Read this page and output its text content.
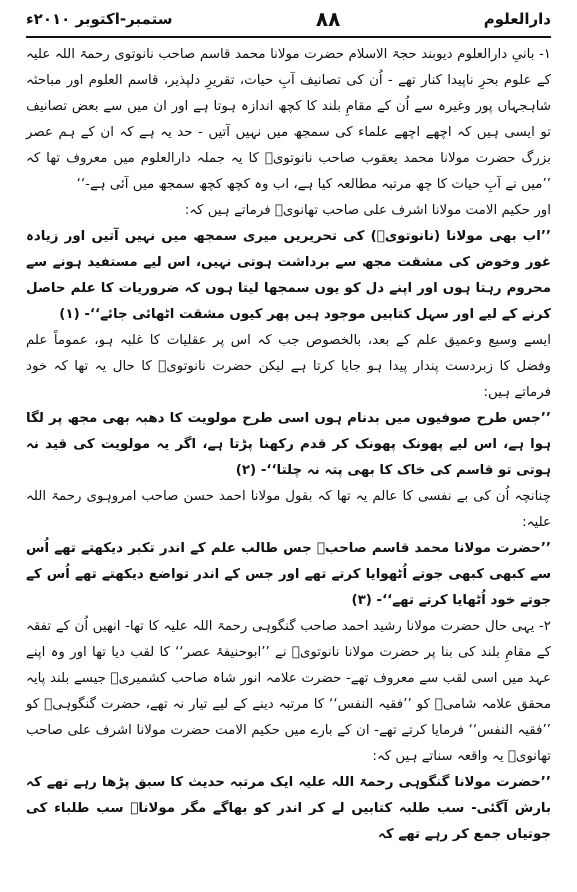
دارالعلوم
۸۸
ستمبر-اکتوبر ۲۰۱۰ء

١- بانیِ دارالعلوم دیوبند حجۃ الاسلام حضرت مولانا محمد قاسم صاحب نانوتوی رحمۃ اللہ علیہ کے علوم بحرِ ناپیدا کنار تھے - اُن کی تصانیف آبِ حیات، تقریرِ دلپذیر، قاسم العلوم اور مباحثہ شاہجہاں پور وغیرہ سے اُن کے مقامِ بلند کا کچھ اندازہ ہوتا ہے اور ان میں سے بعض تصانیف تو ایسی ہیں کہ اچھے اچھے علماء کی سمجھ میں نہیں آتیں - حد یہ ہے کہ ان کے ہم عصر بزرگ حضرت مولانا محمد یعقوب صاحب نانوتویؒ کا یہ جملہ دارالعلوم میں معروف تھا کہ ’’میں نے آبِ حیات کا چھ مرتبہ مطالعہ کیا ہے، اب وہ کچھ کچھ سمجھ میں آئی ہے-‘‘

اور حکیم الامت مولانا اشرف علی صاحب تھانویؒ فرماتے ہیں کہ:

’’اب بھی مولانا (نانوتویؒ) کی تحریریں میری سمجھ میں نہیں آتیں اور زیادہ غور وخوض کی مشقت مجھ سے برداشت ہوتی نہیں، اس لیے مستفید ہونے سے محروم رہتا ہوں اور اپنے دل کو یوں سمجھا لیتا ہوں کہ ضروریات کا علم حاصل کرنے کے لیے اور سہل کتابیں موجود ہیں پھر کیوں مشقت اٹھائی جائے‘‘- (١)

ایسے وسیع وعمیق علم کے بعد، بالخصوص جب کہ اس پر عقلیات کا غلبہ ہو، عموماً علم وفضل کا زبردست پندار پیدا ہو جایا کرتا ہے لیکن حضرت نانوتویؒ کا حال یہ تھا کہ خود فرماتے ہیں:

’’جس طرح صوفیوں میں بدنام ہوں اسی طرح مولویت کا دھبہ بھی مجھ پر لگا ہوا ہے، اس لیے پھونک پھونک کر قدم رکھنا پڑتا ہے، اگر یہ مولویت کی قید نہ ہوتی تو قاسم کی خاک کا بھی پتہ نہ چلتا‘‘- (٢)

چنانچہ اُن کی بے نفسی کا عالم یہ تھا کہ بقول مولانا احمد حسن صاحب امروہوی رحمۃ اللہ علیہ:

’’حضرت مولانا محمد قاسم صاحبؒ جس طالب علم کے اندر تکبر دیکھتے تھے اُس سے کبھی کبھی جوتے اُٹھوایا کرتے تھے اور جس کے اندر تواضع دیکھتے تھے اُس کے جوتے خود اُٹھایا کرتے تھے‘‘- (٣)

٢- یہی حال حضرت مولانا رشید احمد صاحب گنگوہی رحمۃ اللہ علیہ کا تھا- انھیں اُن کے تفقہ کے مقامِ بلند کی بنا پر حضرت مولانا نانوتویؒ نے ’’ابوحنیفۂ عصر‘‘ کا لقب دیا تھا اور وہ اپنے عہد میں اسی لقب سے معروف تھے- حضرت علامہ انور شاہ صاحب کشمیریؒ جیسے بلند پایہ محقق علامہ شامیؒ کو ’’فقیہ النفس‘‘ کا مرتبہ دینے کے لیے تیار نہ تھے، حضرت گنگوہیؒ کو ’’فقیہ النفس‘‘ فرمایا کرتے تھے- ان کے بارے میں حکیم الامت حضرت مولانا اشرف علی صاحب تھانویؒ یہ واقعہ سناتے ہیں کہ:

’’حضرت مولانا گنگوہی رحمۃ اللہ علیہ ایک مرتبہ حدیث کا سبق پڑھا رہے تھے کہ بارش آگئی- سب طلبہ کتابیں لے کر اندر کو بھاگے مگر مولاناؒ سب طلباء کی جوتیاں جمع کر رہے تھے کہ
